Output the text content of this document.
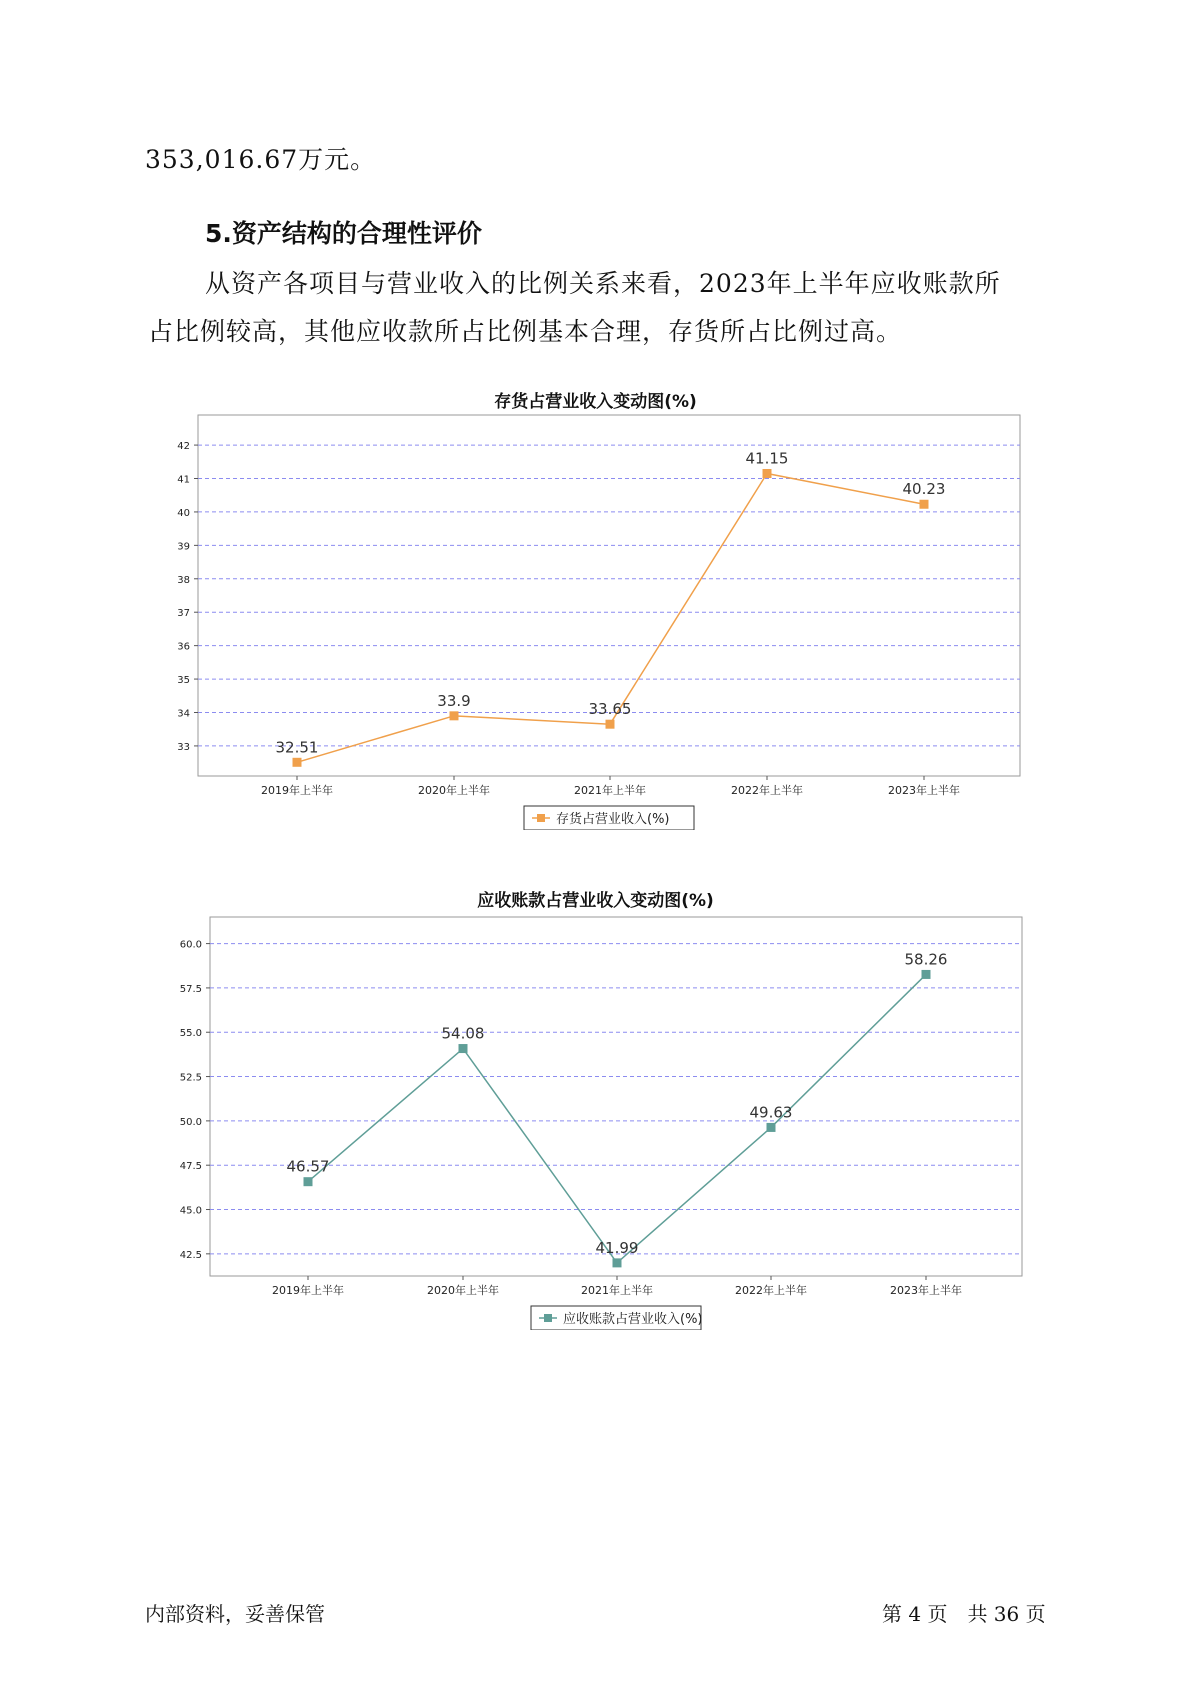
353,016.67万元。
5.资产结构的合理性评价
从资产各项目与营业收入的比例关系来看，2023年上半年应收账款所
占比例较高，其他应收款所占比例基本合理，存货所占比例过高。
存货占营业收入变动图(%)
33
34
35
36
37
38
39
40
41
42
2019年上半年	2020年上半年	2021年上半年	2022年上半年	2023年上半年
32.51
33.9	33.65
41.15
40.23
存货占营业收入(%)
应收账款占营业收入变动图(%)
42.5
45.0
47.5
50.0
52.5
55.0
57.5
60.0
2019年上半年	2020年上半年	2021年上半年	2022年上半年	2023年上半年
46.57
54.08
41.99
49.63
58.26
应收账款占营业收入(%)
内部资料，妥善保管	第 4 页　共 36 页
